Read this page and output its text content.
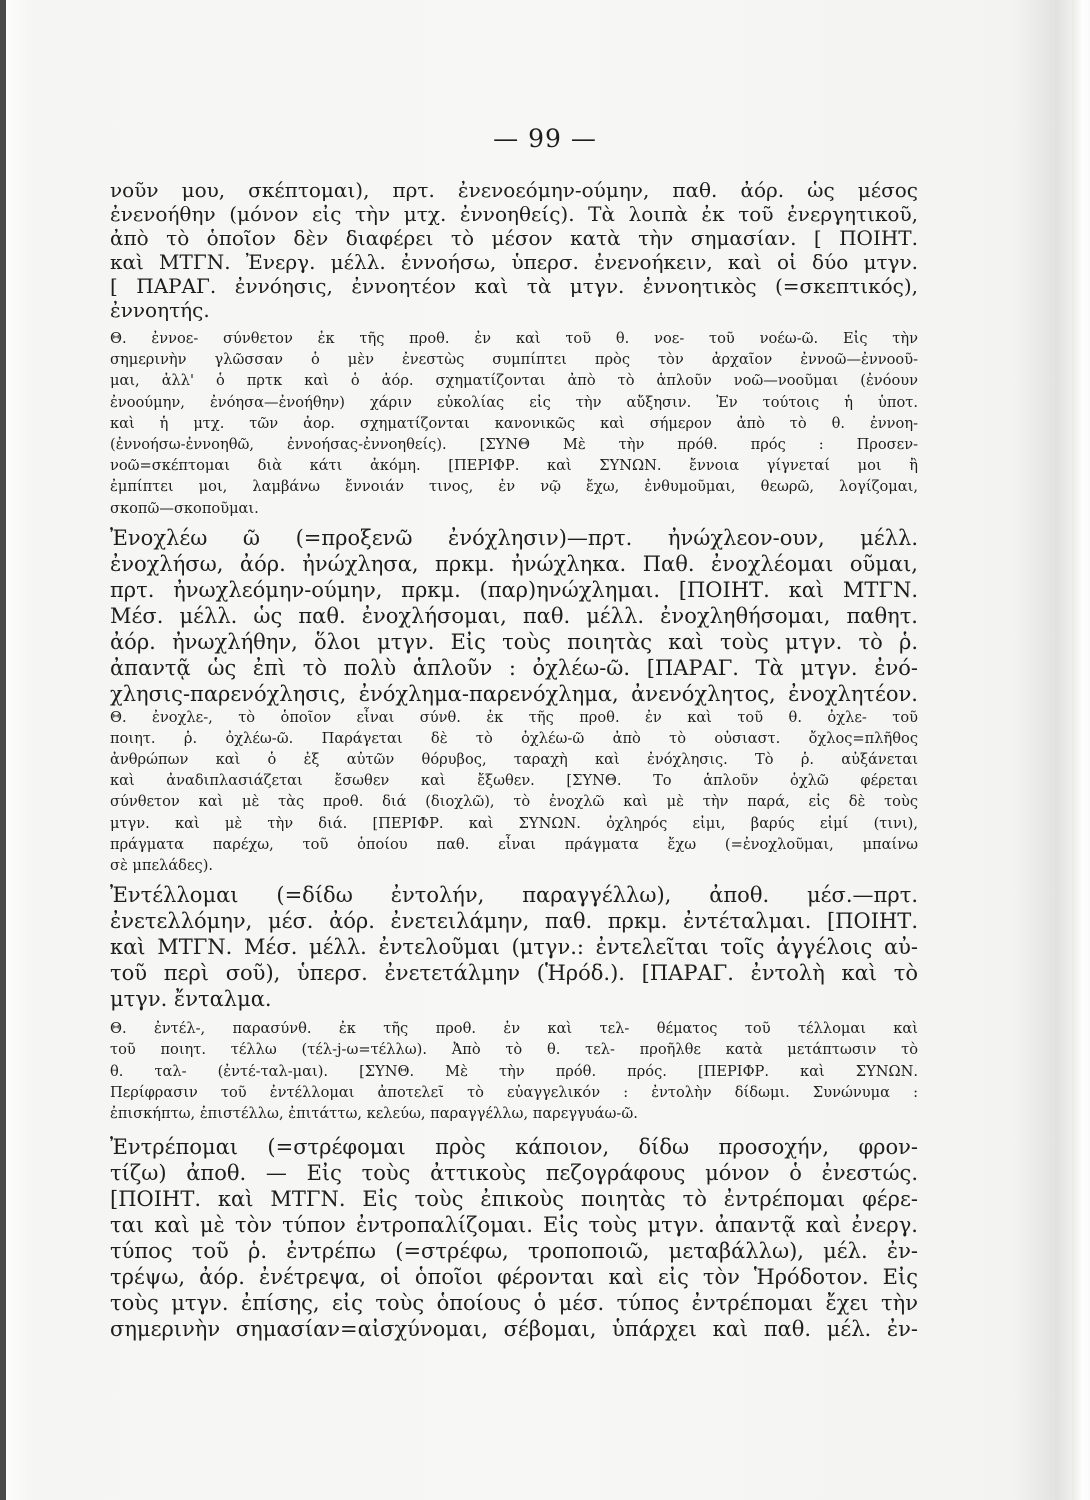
— 99 —
νοῦν μου, σκέπτομαι), πρτ. ἐνενοεόμην-ούμην, παθ. ἀόρ. ὡς μέσος
ἐνενοήθην (μόνον εἰς τὴν μτχ. ἐννοηθείς). Τὰ λοιπὰ ἐκ τοῦ ἐνεργητικοῦ,
ἀπὸ τὸ ὁποῖον δὲν διαφέρει τὸ μέσον κατὰ τὴν σημασίαν. [ ΠΟΙΗΤ.
καὶ ΜΤΓΝ. Ἐνεργ. μέλλ. ἐννοήσω, ὑπερσ. ἐνενοήκειν, καὶ οἱ δύο μτγν.
[ ΠΑΡΑΓ. ἐννόησις, ἐννοητέον καὶ τὰ μτγν. ἐννοητικὸς (=σκεπτικός),
ἐννοητής.
Θ. ἐννοε- σύνθετον ἐκ τῆς προθ. ἐν καὶ τοῦ θ. νοε- τοῦ νοέω-ῶ. Εἰς τὴν
σημερινὴν γλῶσσαν ὁ μὲν ἐνεστὼς συμπίπτει πρὸς τὸν ἀρχαῖον ἐννοῶ—ἐννοοῦ-
μαι, ἀλλ' ὁ πρτκ καὶ ὁ ἀόρ. σχηματίζονται ἀπὸ τὸ ἁπλοῦν νοῶ—νοοῦμαι (ἐνόουν
ἐνοούμην, ἐνόησα—ἐνοήθην) χάριν εὐκολίας εἰς τὴν αὔξησιν. Ἐν τούτοις ἡ ὑποτ.
καὶ ἡ μτχ. τῶν ἀορ. σχηματίζονται κανονικῶς καὶ σήμερον ἀπὸ τὸ θ. ἐννοη-
(ἐννοήσω-ἐννοηθῶ, ἐννοήσας-ἐννοηθείς). [ΣΥΝΘ Μὲ τὴν πρόθ. πρός : Προσεν-
νοῶ=σκέπτομαι διὰ κάτι ἀκόμη. [ΠΕΡΙΦΡ. καὶ ΣΥΝΩΝ. ἔννοια γίγνεταί μοι ἢ
ἐμπίπτει μοι, λαμβάνω ἔννοιάν τινος, ἐν νῷ ἔχω, ἐνθυμοῦμαι, θεωρῶ, λογίζομαι,
σκοπῶ—σκοποῦμαι.
Ἐνοχλέω ῶ (=προξενῶ ἐνόχλησιν)—πρτ. ἠνώχλεον-ουν, μέλλ.
ἐνοχλήσω, ἀόρ. ἠνώχλησα, πρκμ. ἠνώχληκα. Παθ. ἐνοχλέομαι οῦμαι,
πρτ. ἠνωχλεόμην-ούμην, πρκμ. (παρ)ηνώχλημαι. [ΠΟΙΗΤ. καὶ ΜΤΓΝ.
Μέσ. μέλλ. ὡς παθ. ἐνοχλήσομαι, παθ. μέλλ. ἐνοχληθήσομαι, παθητ.
ἀόρ. ἠνωχλήθην, ὅλοι μτγν. Εἰς τοὺς ποιητὰς καὶ τοὺς μτγν. τὸ ῥ.
ἀπαντᾷ ὡς ἐπὶ τὸ πολὺ ἁπλοῦν : ὀχλέω-ῶ. [ΠΑΡΑΓ. Τὰ μτγν. ἐνό-
χλησις-παρενόχλησις, ἐνόχλημα-παρενόχλημα, ἀνενόχλητος, ἐνοχλητέον.
Θ. ἐνοχλε-, τὸ ὁποῖον εἶναι σύνθ. ἐκ τῆς προθ. ἐν καὶ τοῦ θ. ὀχλε- τοῦ
ποιητ. ῥ. ὀχλέω-ῶ. Παράγεται δὲ τὸ ὀχλέω-ῶ ἀπὸ τὸ οὐσιαστ. ὄχλος=πλῆθος
ἀνθρώπων καὶ ὁ ἐξ αὐτῶν θόρυβος, ταραχὴ καὶ ἐνόχλησις. Τὸ ῥ. αὐξάνεται
καὶ ἀναδιπλασιάζεται ἔσωθεν καὶ ἔξωθεν. [ΣΥΝΘ. Το ἁπλοῦν ὀχλῶ φέρεται
σύνθετον καὶ μὲ τὰς προθ. διά (διοχλῶ), τὸ ἐνοχλῶ καὶ μὲ τὴν παρά, εἰς δὲ τοὺς
μτγν. καὶ μὲ τὴν διά. [ΠΕΡΙΦΡ. καὶ ΣΥΝΩΝ. ὀχληρός εἰμι, βαρύς εἰμί (τινι),
πράγματα παρέχω, τοῦ ὁποίου παθ. εἶναι πράγματα ἔχω (=ἐνοχλοῦμαι, μπαίνω
σὲ μπελάδες).
Ἐντέλλομαι (=δίδω ἐντολήν, παραγγέλλω), ἀποθ. μέσ.—πρτ.
ἐνετελλόμην, μέσ. ἀόρ. ἐνετειλάμην, παθ. πρκμ. ἐντέταλμαι. [ΠΟΙΗΤ.
καὶ ΜΤΓΝ. Μέσ. μέλλ. ἐντελοῦμαι (μτγν.: ἐντελεῖται τοῖς ἀγγέλοις αὐ-
τοῦ περὶ σοῦ), ὑπερσ. ἐνετετάλμην (Ἡρόδ.). [ΠΑΡΑΓ. ἐντολὴ καὶ τὸ
μτγν. ἔνταλμα.
Θ. ἐντέλ-, παρασύνθ. ἐκ τῆς προθ. ἐν καὶ τελ- θέματος τοῦ τέλλομαι καὶ
τοῦ ποιητ. τέλλω (τέλ-j-ω=τέλλω). Ἀπὸ τὸ θ. τελ- προῆλθε κατὰ μετάπτωσιν τὸ
θ. ταλ- (ἐντέ-ταλ-μαι). [ΣΥΝΘ. Μὲ τὴν πρόθ. πρός. [ΠΕΡΙΦΡ. καὶ ΣΥΝΩΝ.
Περίφρασιν τοῦ ἐντέλλομαι ἀποτελεῖ τὸ εὐαγγελικόν : ἐντολὴν δίδωμι. Συνώνυμα :
ἐπισκήπτω, ἐπιστέλλω, ἐπιτάττω, κελεύω, παραγγέλλω, παρεγγυάω-ῶ.
Ἐντρέπομαι (=στρέφομαι πρὸς κάποιον, δίδω προσοχήν, φρον-
τίζω) ἀποθ. — Εἰς τοὺς ἀττικοὺς πεζογράφους μόνον ὁ ἐνεστώς.
[ΠΟΙΗΤ. καὶ ΜΤΓΝ. Εἰς τοὺς ἐπικοὺς ποιητὰς τὸ ἐντρέπομαι φέρε-
ται καὶ μὲ τὸν τύπον ἐντροπαλίζομαι. Εἰς τοὺς μτγν. ἀπαντᾷ καὶ ἐνεργ.
τύπος τοῦ ῥ. ἐντρέπω (=στρέφω, τροποποιῶ, μεταβάλλω), μέλ. ἐν-
τρέψω, ἀόρ. ἐνέτρεψα, οἱ ὁποῖοι φέρονται καὶ εἰς τὸν Ἡρόδοτον. Εἰς
τοὺς μτγν. ἐπίσης, εἰς τοὺς ὁποίους ὁ μέσ. τύπος ἐντρέπομαι ἔχει τὴν
σημερινὴν σημασίαν=αἰσχύνομαι, σέβομαι, ὑπάρχει καὶ παθ. μέλ. ἐν-
